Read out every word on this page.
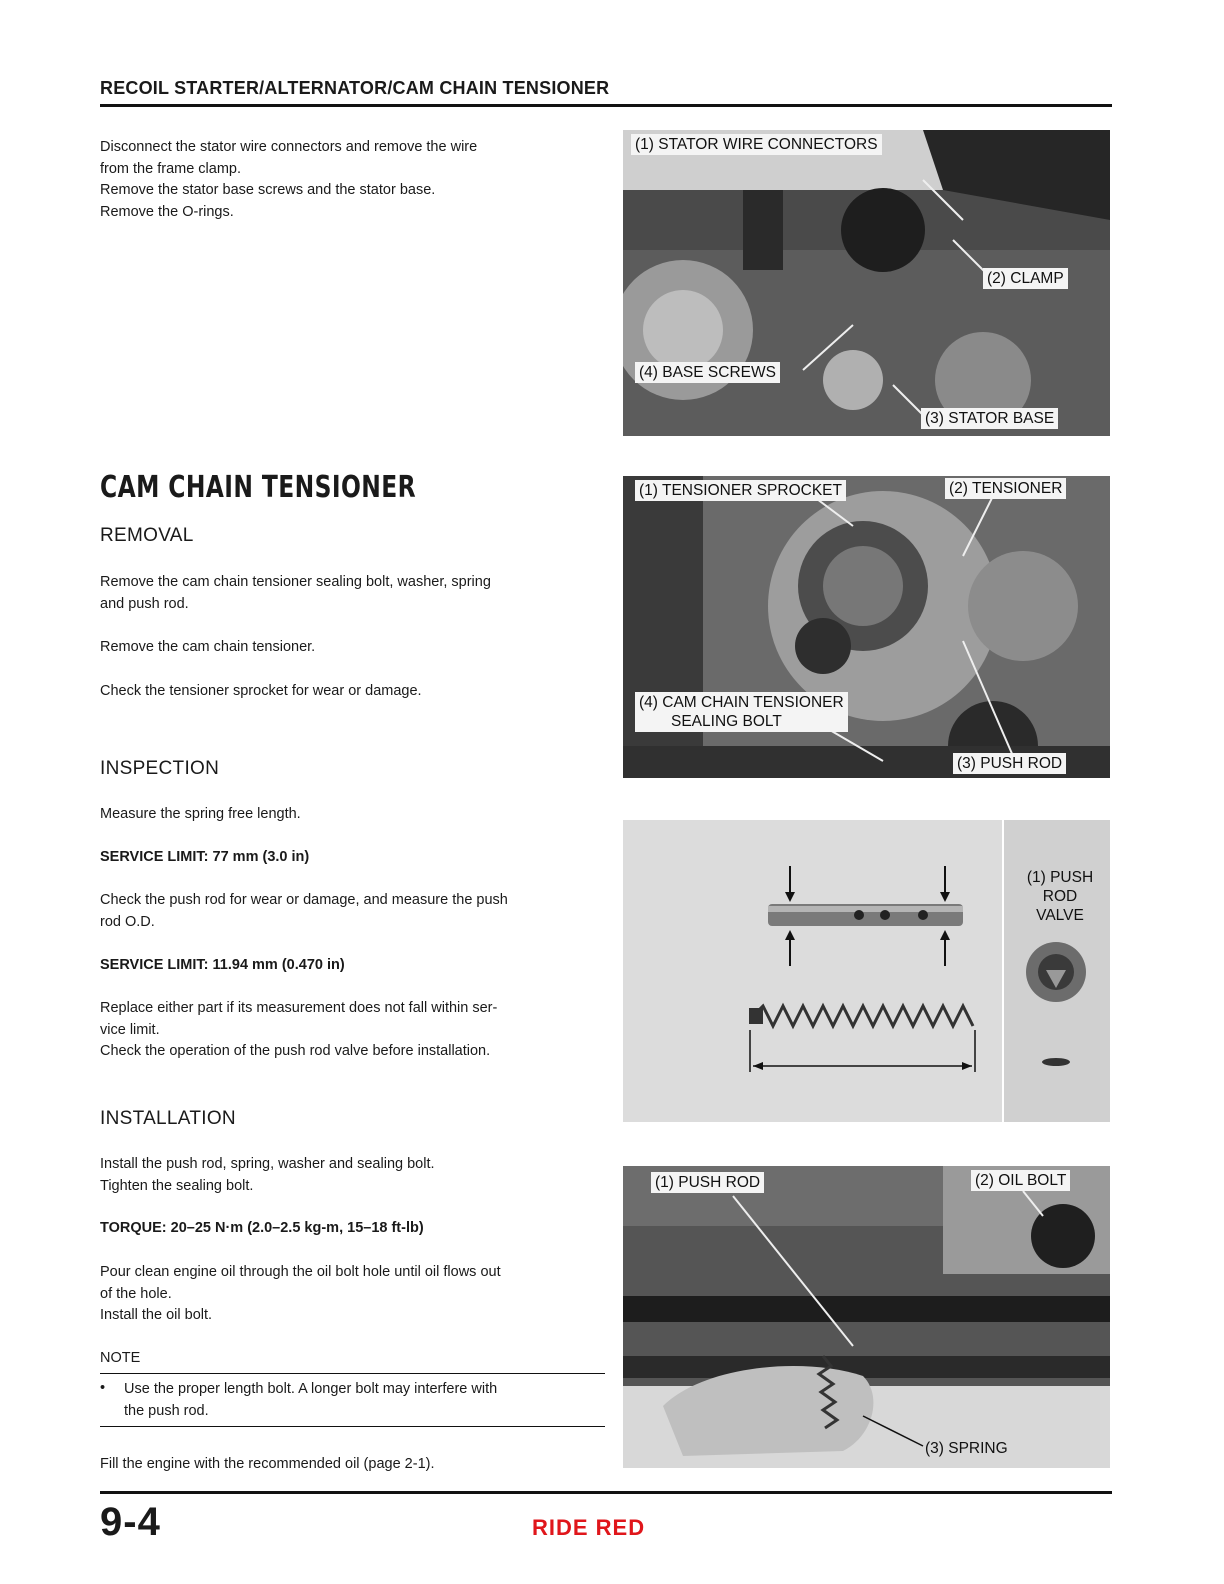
RECOIL STARTER/ALTERNATOR/CAM CHAIN TENSIONER
Disconnect the stator wire connectors and remove the wire
from the frame clamp.
Remove the stator base screws and the stator base.
Remove the O-rings.
CAM CHAIN TENSIONER
REMOVAL
Remove the cam chain tensioner sealing bolt, washer, spring
and push rod.
Remove the cam chain tensioner.
Check the tensioner sprocket for wear or damage.
INSPECTION
Measure the spring free length.
SERVICE LIMIT: 77 mm (3.0 in)
Check the push rod for wear or damage, and measure the push
rod O.D.
SERVICE LIMIT: 11.94 mm (0.470 in)
Replace either part if its measurement does not fall within ser-
vice limit.
Check the operation of the push rod valve before installation.
INSTALLATION
Install the push rod, spring, washer and sealing bolt.
Tighten the sealing bolt.
TORQUE: 20–25 N·m (2.0–2.5 kg-m, 15–18 ft-lb)
Pour clean engine oil through the oil bolt hole until oil flows out
of the hole.
Install the oil bolt.
NOTE
• Use the proper length bolt. A longer bolt may interfere with
the push rod.
Fill the engine with the recommended oil (page 2-1).
(1) STATOR WIRE CONNECTORS
(2) CLAMP
(4) BASE SCREWS
(3) STATOR BASE
(1) TENSIONER SPROCKET	(2) TENSIONER
(4) CAM CHAIN TENSIONER
SEALING BOLT
(3) PUSH ROD
(1) PUSH
ROD
VALVE
(1) PUSH ROD	(2) OIL BOLT
(3) SPRING
9-4	RIDE RED
